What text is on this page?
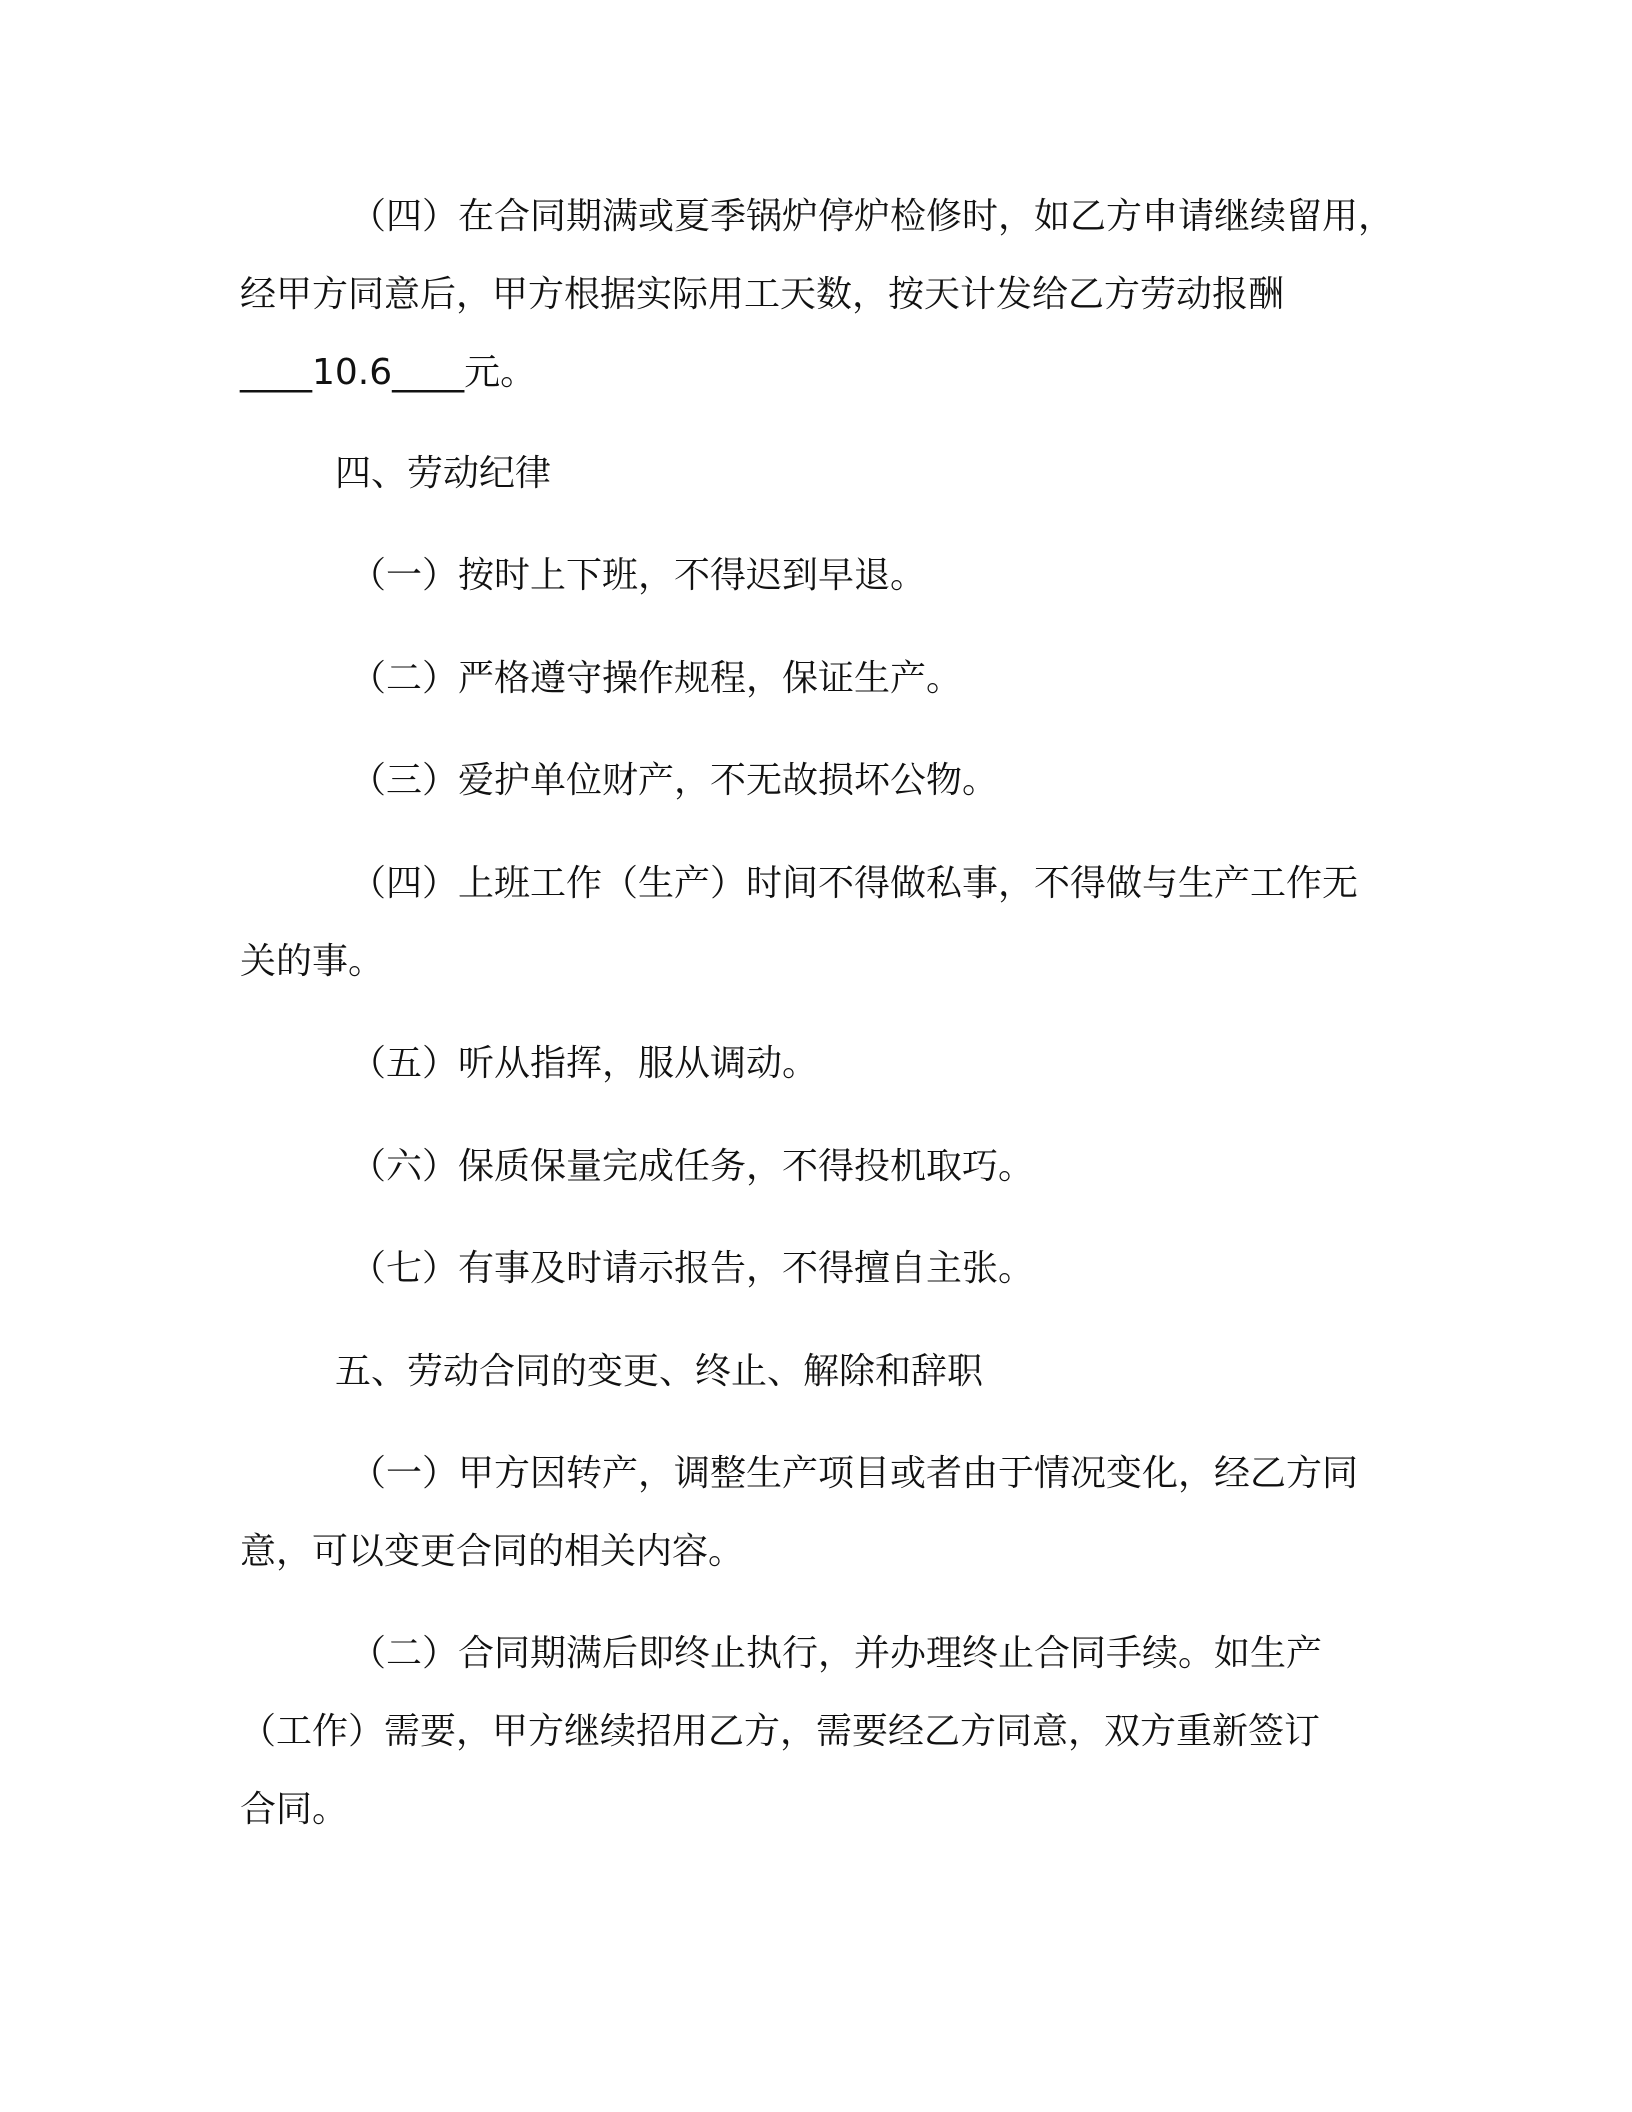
（四）在合同期满或夏季锅炉停炉检修时，如乙方申请继续留用，
经甲方同意后，甲方根据实际用工天数，按天计发给乙方劳动报酬
____10.6____元。
四、劳动纪律
（一）按时上下班，不得迟到早退。
（二）严格遵守操作规程，保证生产。
（三）爱护单位财产，不无故损坏公物。
（四）上班工作（生产）时间不得做私事，不得做与生产工作无
关的事。
（五）听从指挥，服从调动。
（六）保质保量完成任务，不得投机取巧。
（七）有事及时请示报告，不得擅自主张。
五、劳动合同的变更、终止、解除和辞职
（一）甲方因转产，调整生产项目或者由于情况变化，经乙方同
意，可以变更合同的相关内容。
（二）合同期满后即终止执行，并办理终止合同手续。如生产
（工作）需要，甲方继续招用乙方，需要经乙方同意，双方重新签订
合同。
